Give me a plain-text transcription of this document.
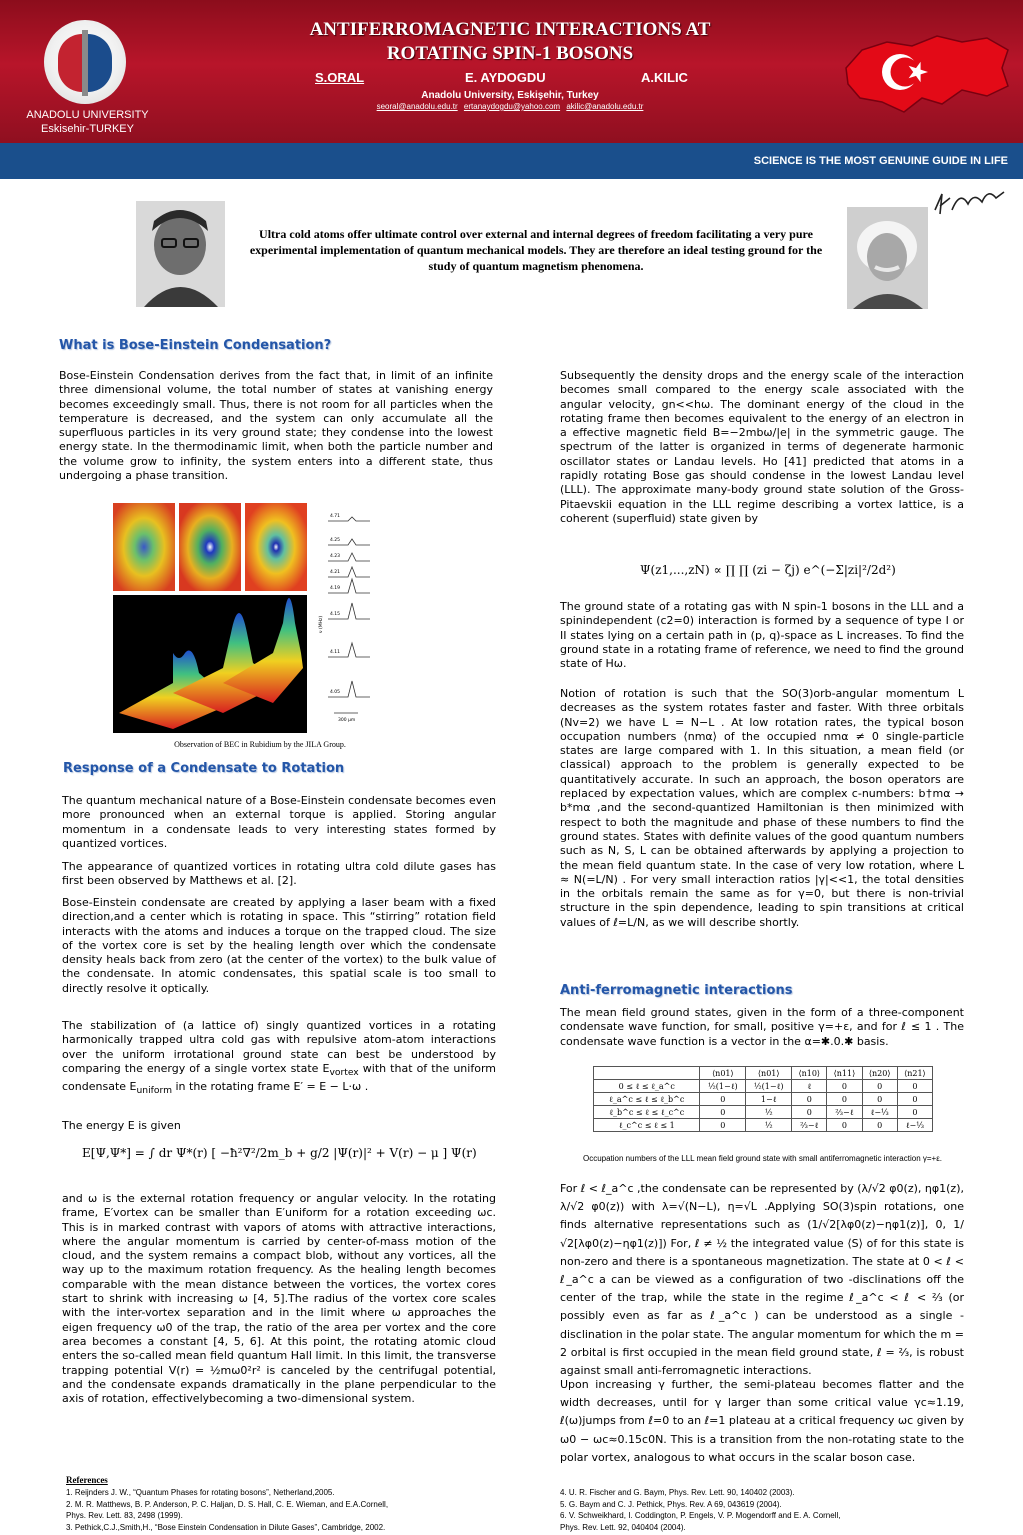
SCIENCE IS THE MOST GENUINE GUIDE IN LIFE
ANADOLU UNIVERSITY
Eskisehir-TURKEY
ANTIFERROMAGNETIC INTERACTIONS AT
ROTATING SPIN-1 BOSONS
S.ORAL	E. AYDOGDU	A.KILIC
Anadolu University, Eskişehir, Turkey
seoral@anadolu.edu.tr ertanaydogdu@yahoo.com akilic@anadolu.edu.tr
Ultra cold atoms offer ultimate control over external and internal degrees of freedom facilitating a very pure experimental implementation of quantum mechanical models. They are therefore an ideal testing ground for the study of quantum magnetism phenomena.
What is Bose-Einstein Condensation?
Bose-Einstein Condensation derives from the fact that, in limit of an infinite three dimensional volume, the total number of states at vanishing energy becomes exceedingly small. Thus, there is not room for all particles when the temperature is decreased, and the system can only accumulate all the superfluous particles in its very ground state; they condense into the lowest energy state. In the thermodinamic limit, when both the particle number and the volume grow to infinity, the system enters into a different state, thus undergoing a phase transition.
4.71
4.25
4.23
4.21
4.19
4.15
4.11
4.05
ν (MHz)
300 μm
Observation of BEC in Rubidium by the JILA Group.
Response of a Condensate to Rotation
The quantum mechanical nature of a Bose-Einstein condensate becomes even more pronounced when an external torque is applied. Storing angular momentum in a condensate leads to very interesting states formed by quantized vortices.
The appearance of quantized vortices in rotating ultra cold dilute gases has first been observed by Matthews et al. [2].
Bose-Einstein condensate are created by applying a laser beam with a fixed direction,and a center which is rotating in space. This “stirring” rotation field interacts with the atoms and induces a torque on the trapped cloud. The size of the vortex core is set by the healing length over which the condensate density heals back from zero (at the center of the vortex) to the bulk value of the condensate. In atomic condensates, this spatial scale is too small to directly resolve it optically.
The stabilization of (a lattice of) singly quantized vortices in a rotating harmonically trapped ultra cold gas with repulsive atom-atom interactions over the uniform irrotational ground state can best be understood by comparing the energy of a single vortex state $E_{vortex}$ with that of the uniform condensate $E_{uniform}$ in the rotating frame E′ = E − L·ω .
The energy E is given
E[Ψ,Ψ*] = ∫ dr Ψ*(r) [ −ħ²∇²/2m_b + g/2 |Ψ(r)|² + V(r) − μ ] Ψ(r)
and ω is the external rotation frequency or angular velocity. In the rotating frame, E′vortex can be smaller than E′uniform for a rotation exceeding ωc. This is in marked contrast with vapors of atoms with attractive interactions, where the angular momentum is carried by center-of-mass motion of the cloud, and the system remains a compact blob, without any vortices, all the way up to the maximum rotation frequency. As the healing length becomes comparable with the mean distance between the vortices, the vortex cores start to shrink with increasing ω [4, 5].The radius of the vortex core scales with the inter-vortex separation and in the limit where ω approaches the eigen frequency ω0 of the trap, the ratio of the area per vortex and the core area becomes a constant [4, 5, 6]. At this point, the rotating atomic cloud enters the so-called mean field quantum Hall limit. In this limit, the transverse trapping potential V(r) = ½mω0²r² is canceled by the centrifugal potential, and the condensate expands dramatically in the plane perpendicular to the axis of rotation, effectivelybecoming a two-dimensional system.
Subsequently the density drops and the energy scale of the interaction becomes small compared to the energy scale associated with the angular velocity, gn<<hω. The dominant energy of the cloud in the rotating frame then becomes equivalent to the energy of an electron in a effective magnetic field B=−2mbω/|e| in the symmetric gauge. The spectrum of the latter is organized in terms of degenerate harmonic oscillator states or Landau levels. Ho [41] predicted that atoms in a rapidly rotating Bose gas should condense in the lowest Landau level (LLL). The approximate many-body ground state solution of the Gross-Pitaevskii equation in the LLL regime describing a vortex lattice, is a coherent (superfluid) state given by
Ψ(z1,...,zN) ∝ ∏ ∏ (zi − ζj) e^(−Σ|zi|²/2d²)
The ground state of a rotating gas with N spin-1 bosons in the LLL and a spinindependent (c2=0) interaction is formed by a sequence of type I or II states lying on a certain path in (p, q)-space as L increases. To find the ground state in a rotating frame of reference, we need to find the ground state of Hω.
Notion of rotation is such that the SO(3)orb-angular momentum L decreases as the system rotates faster and faster. With three orbitals (Nv=2) we have L = N−L . At low rotation rates, the typical boson occupation numbers ⟨nmα⟩ of the occupied nmα ≠ 0 single-particle states are large compared with 1. In this situation, a mean field (or classical) approach to the problem is generally expected to be quantitatively accurate. In such an approach, the boson operators are replaced by expectation values, which are complex c-numbers: b†mα → b*mα ,and the second-quantized Hamiltonian is then minimized with respect to both the magnitude and phase of these numbers to find the ground states. States with definite values of the good quantum numbers such as N, S, L can be obtained afterwards by applying a projection to the mean field quantum state. In the case of very low rotation, where L ≈ N(=L/N) . For very small interaction ratios |γ|<<1, the total densities in the orbitals remain the same as for γ=0, but there is non-trivial structure in the spin dependence, leading to spin transitions at critical values of ℓ=L/N, as we will describe shortly.
Anti-ferromagnetic interactions
The mean field ground states, given in the form of a three-component condensate wave function, for small, positive γ=+ε, and for ℓ ≤ 1 . The condensate wave function is a vector in the α=✱.0.✱ basis.
	⟨n01⟩	⟨n01⟩	⟨n10⟩	⟨n11⟩	⟨n20⟩	⟨n21⟩
0 ≤ ℓ ≤ ℓ_a^c	½(1−ℓ)	½(1−ℓ)	ℓ	0	0	0
ℓ_a^c ≤ ℓ ≤ ℓ_b^c	0	1−ℓ	0	0	0	0
ℓ_b^c ≤ ℓ ≤ ℓ_c^c	0	½	0	⅔−ℓ	ℓ−⅓	0
ℓ_c^c ≤ ℓ ≤ 1	0	½	⅔−ℓ	0	0	ℓ−⅓
Occupation numbers of the LLL mean field ground state with small antiferromagnetic interaction γ=+ε.
For ℓ < ℓ_a^c ,the condensate can be represented by (λ/√2 φ0(z), ηφ1(z), λ/√2 φ0(z)) with λ=√(N−L), η=√L .Applying SO(3)spin rotations, one finds alternative representations such as (1/√2[λφ0(z)−ηφ1(z)], 0, 1/√2[λφ0(z)−ηφ1(z)]) For, ℓ ≠ ½ the integrated value ⟨S⟩ of for this state is non-zero and there is a spontaneous magnetization. The state at 0 < ℓ < ℓ_a^c a can be viewed as a configuration of two -disclinations off the center of the trap, while the state in the regime ℓ_a^c < ℓ < ⅔ (or possibly even as far as ℓ_a^c ) can be understood as a single -disclination in the polar state. The angular momentum for which the m = 2 orbital is first occupied in the mean field ground state, ℓ = ⅔, is robust against small anti-ferromagnetic interactions.
Upon increasing γ further, the semi-plateau becomes flatter and the width decreases, until for γ larger than some critical value γc≈1.19, ℓ(ω)jumps from ℓ=0 to an ℓ=1 plateau at a critical frequency ωc given by ω0 − ωc≈0.15c0N. This is a transition from the non-rotating state to the polar vortex, analogous to what occurs in the scalar boson case.
References
1. Reijnders J. W., “Quantum Phases for rotating bosons”, Netherland,2005.
2. M. R. Matthews, B. P. Anderson, P. C. Haljan, D. S. Hall, C. E. Wieman, and E.A.Cornell,
Phys. Rev. Lett. 83, 2498 (1999).
3. Pethick,C.J.,Smith,H., “Bose Einstein Condensation in Dilute Gases”, Cambridge, 2002.
4. U. R. Fischer and G. Baym, Phys. Rev. Lett. 90, 140402 (2003).
5. G. Baym and C. J. Pethick, Phys. Rev. A 69, 043619 (2004).
6. V. Schweikhard, I. Coddington, P. Engels, V. P. Mogendorff and E. A. Cornell,
Phys. Rev. Lett. 92, 040404 (2004).
